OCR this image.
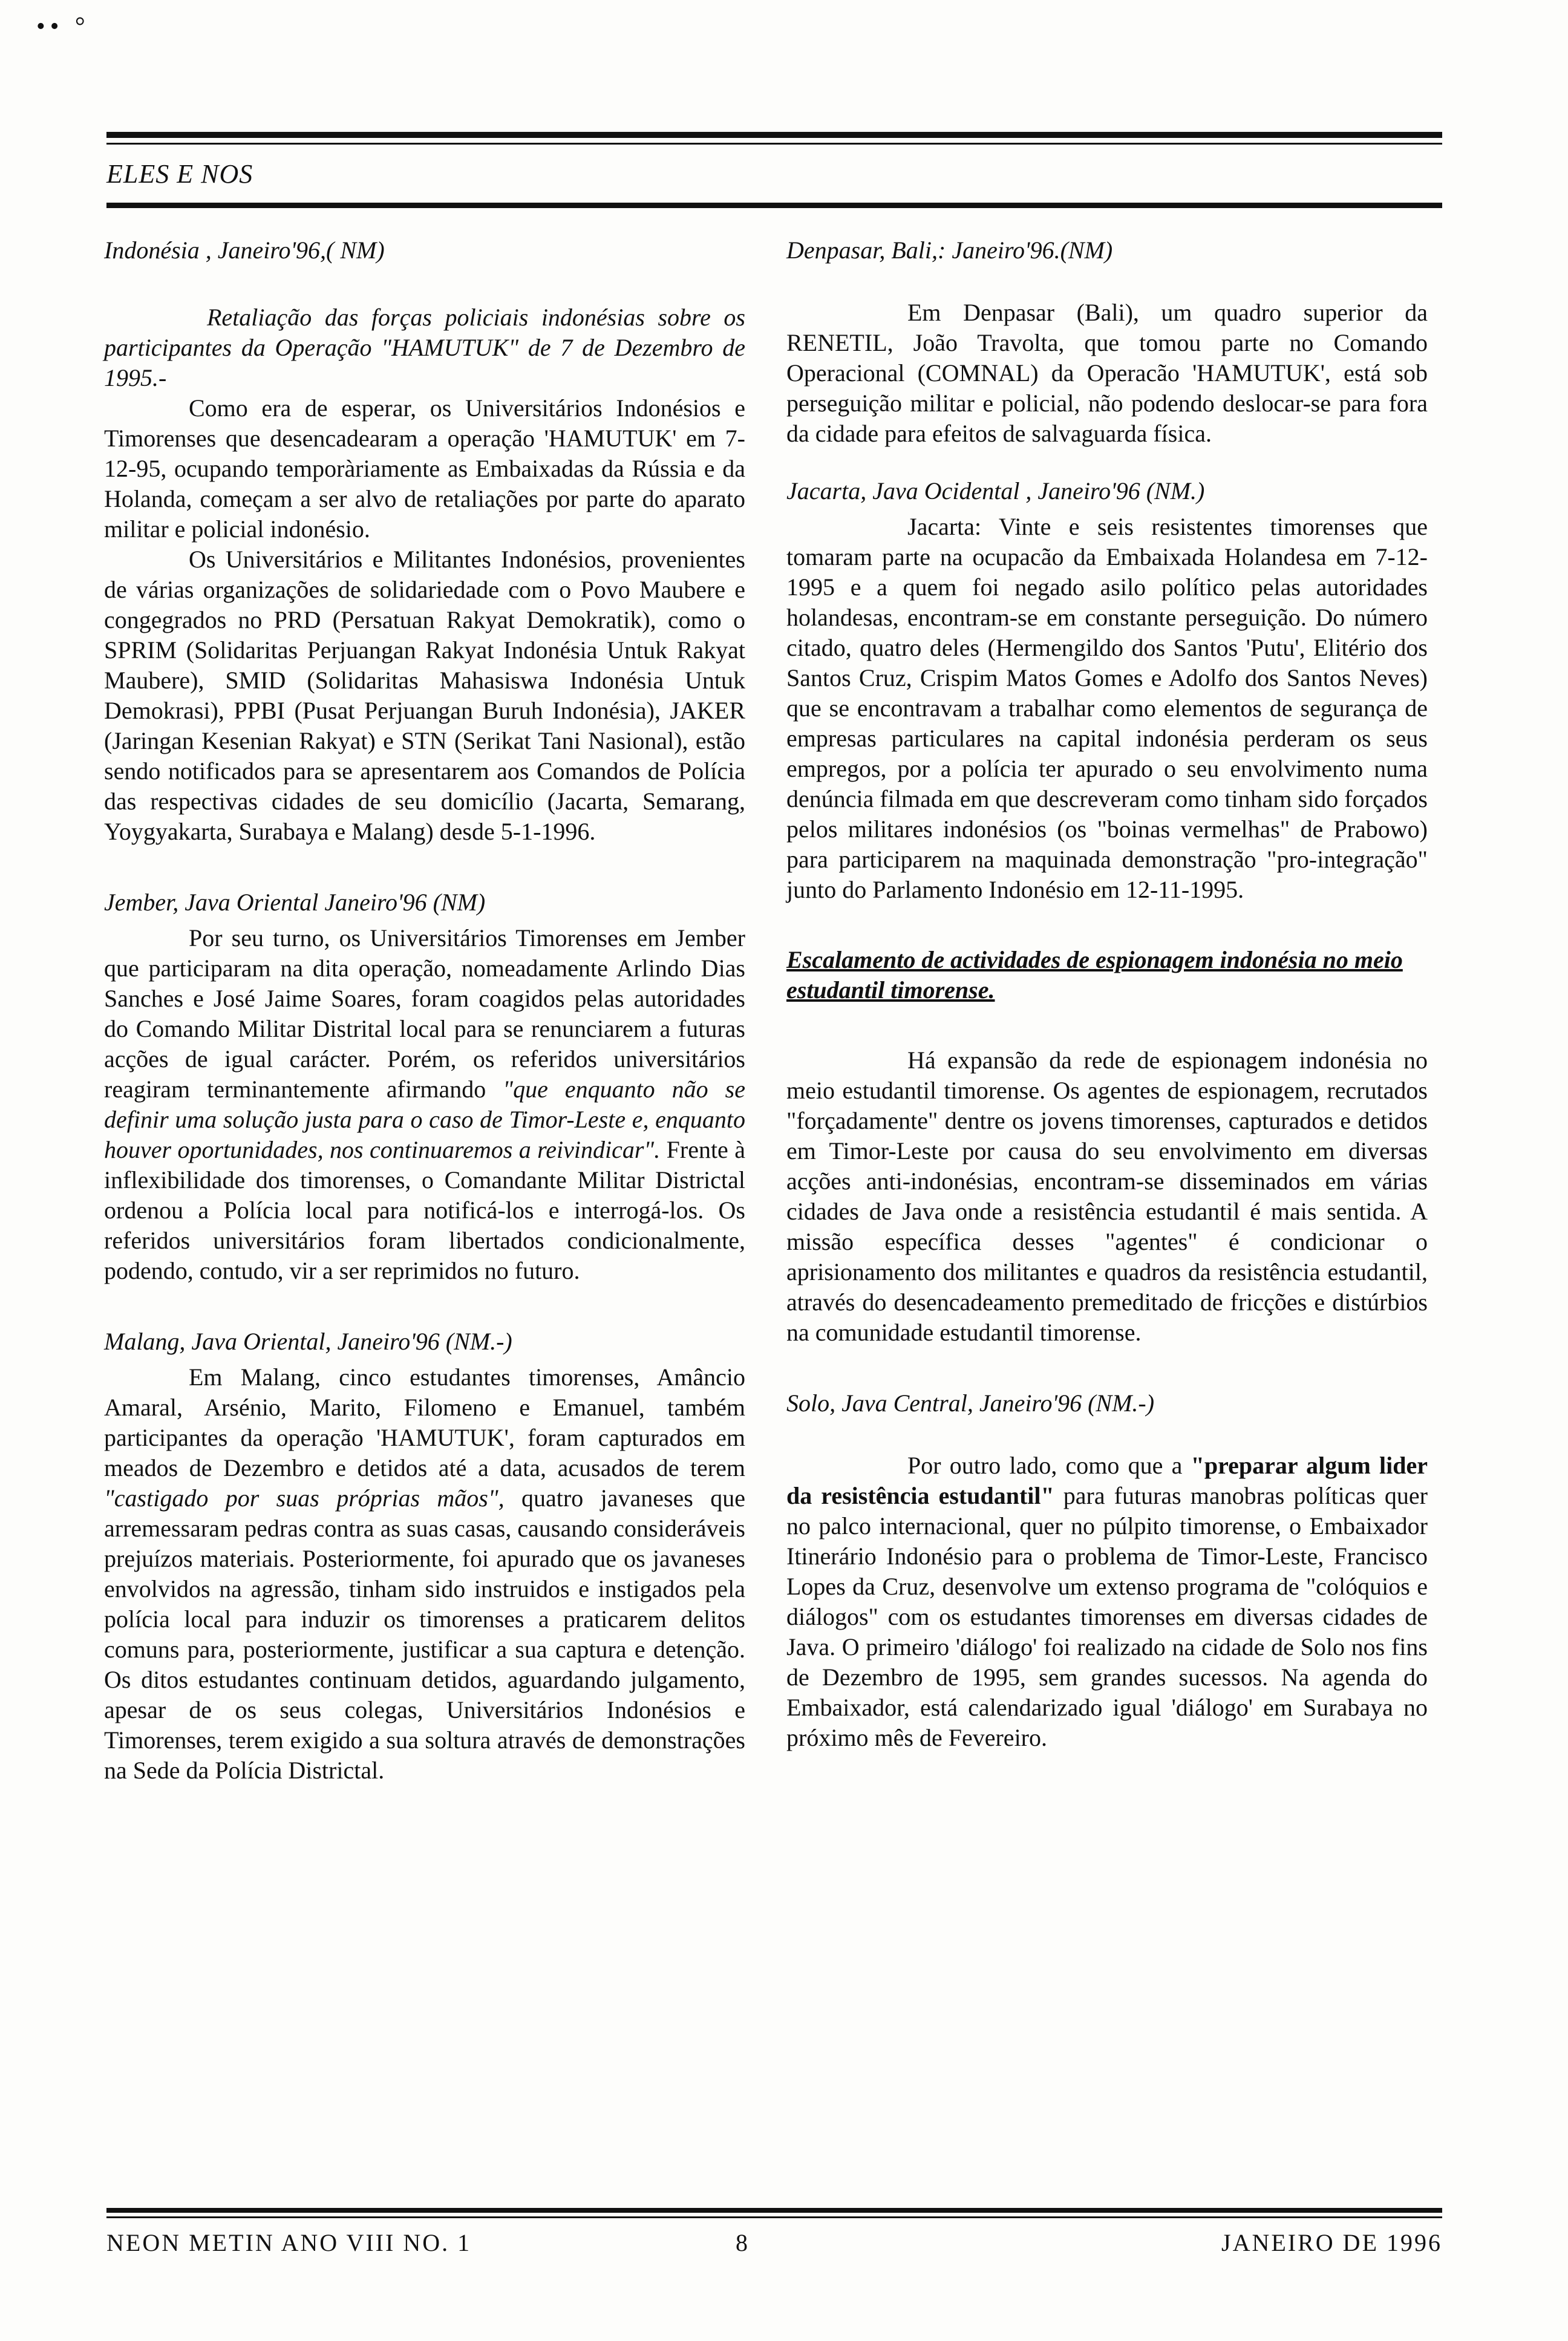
•• °
ELES E NOS

Indonésia , Janeiro'96,( NM)

Retaliação das forças policiais indonésias sobre os participantes da Operação "HAMUTUK" de 7 de Dezembro de 1995.-

Como era de esperar, os Universitários Indonésios e Timorenses que desencadearam a operação 'HAMUTUK' em 7-12-95, ocupando temporàriamente as Embaixadas da Rússia e da Holanda, começam a ser alvo de retaliações por parte do aparato militar e policial indonésio.

Os Universitários e Militantes Indonésios, provenientes de várias organizações de solidariedade com o Povo Maubere e congegrados no PRD (Persatuan Rakyat Demokratik), como o SPRIM (Solidaritas Perjuangan Rakyat Indonésia Untuk Rakyat Maubere), SMID (Solidaritas Mahasiswa Indonésia Untuk Demokrasi), PPBI (Pusat Perjuangan Buruh Indonésia), JAKER (Jaringan Kesenian Rakyat) e STN (Serikat Tani Nasional), estão sendo notificados para se apresentarem aos Comandos de Polícia das respectivas cidades de seu domicílio (Jacarta, Semarang, Yoygyakarta, Surabaya e Malang) desde 5-1-1996.

Jember, Java Oriental Janeiro'96 (NM)

Por seu turno, os Universitários Timorenses em Jember que participaram na dita operação, nomeadamente Arlindo Dias Sanches e José Jaime Soares, foram coagidos pelas autoridades do Comando Militar Distrital local para se renunciarem a futuras acções de igual carácter. Porém, os referidos universitários reagiram terminantemente afirmando "que enquanto não se definir uma solução justa para o caso de Timor-Leste e, enquanto houver oportunidades, nos continuaremos a reivindicar". Frente à inflexibilidade dos timorenses, o Comandante Militar Districtal ordenou a Polícia local para notificá-los e interrogá-los. Os referidos universitários foram libertados condicionalmente, podendo, contudo, vir a ser reprimidos no futuro.

Malang, Java Oriental, Janeiro'96 (NM.-)

Em Malang, cinco estudantes timorenses, Amâncio Amaral, Arsénio, Marito, Filomeno e Emanuel, também participantes da operação 'HAMUTUK', foram capturados em meados de Dezembro e detidos até a data, acusados de terem "castigado por suas próprias mãos", quatro javaneses que arremessaram pedras contra as suas casas, causando consideráveis prejuízos materiais. Posteriormente, foi apurado que os javaneses envolvidos na agressão, tinham sido instruidos e instigados pela polícia local para induzir os timorenses a praticarem delitos comuns para, posteriormente, justificar a sua captura e detenção. Os ditos estudantes continuam detidos, aguardando julgamento, apesar de os seus colegas, Universitários Indonésios e Timorenses, terem exigido a sua soltura através de demonstrações na Sede da Polícia Districtal.

Denpasar, Bali,: Janeiro'96.(NM)

Em Denpasar (Bali), um quadro superior da RENETIL, João Travolta, que tomou parte no Comando Operacional (COMNAL) da Operacão 'HAMUTUK', está sob perseguição militar e policial, não podendo deslocar-se para fora da cidade para efeitos de salvaguarda física.

Jacarta, Java Ocidental , Janeiro'96 (NM.)

Jacarta: Vinte e seis resistentes timorenses que tomaram parte na ocupacão da Embaixada Holandesa em 7-12-1995 e a quem foi negado asilo político pelas autoridades holandesas, encontram-se em constante perseguição. Do número citado, quatro deles (Hermengildo dos Santos 'Putu', Elitério dos Santos Cruz, Crispim Matos Gomes e Adolfo dos Santos Neves) que se encontravam a trabalhar como elementos de segurança de empresas particulares na capital indonésia perderam os seus empregos, por a polícia ter apurado o seu envolvimento numa denúncia filmada em que descreveram como tinham sido forçados pelos militares indonésios (os "boinas vermelhas" de Prabowo) para participarem na maquinada demonstração "pro-integração" junto do Parlamento Indonésio em 12-11-1995.

Escalamento de actividades de espionagem indonésia no meio estudantil timorense.

Há expansão da rede de espionagem indonésia no meio estudantil timorense. Os agentes de espionagem, recrutados "forçadamente" dentre os jovens timorenses, capturados e detidos em Timor-Leste por causa do seu envolvimento em diversas acções anti-indonésias, encontram-se disseminados em várias cidades de Java onde a resistência estudantil é mais sentida. A missão específica desses "agentes" é condicionar o aprisionamento dos militantes e quadros da resistência estudantil, através do desencadeamento premeditado de fricções e distúrbios na comunidade estudantil timorense.

Solo, Java Central, Janeiro'96 (NM.-)

Por outro lado, como que a "preparar algum lider da resistência estudantil" para futuras manobras políticas quer no palco internacional, quer no púlpito timorense, o Embaixador Itinerário Indonésio para o problema de Timor-Leste, Francisco Lopes da Cruz, desenvolve um extenso programa de "colóquios e diálogos" com os estudantes timorenses em diversas cidades de Java. O primeiro 'diálogo' foi realizado na cidade de Solo nos fins de Dezembro de 1995, sem grandes sucessos. Na agenda do Embaixador, está calendarizado igual 'diálogo' em Surabaya no próximo mês de Fevereiro.

NEON METIN ANO VIII NO. 1	8	JANEIRO DE 1996
